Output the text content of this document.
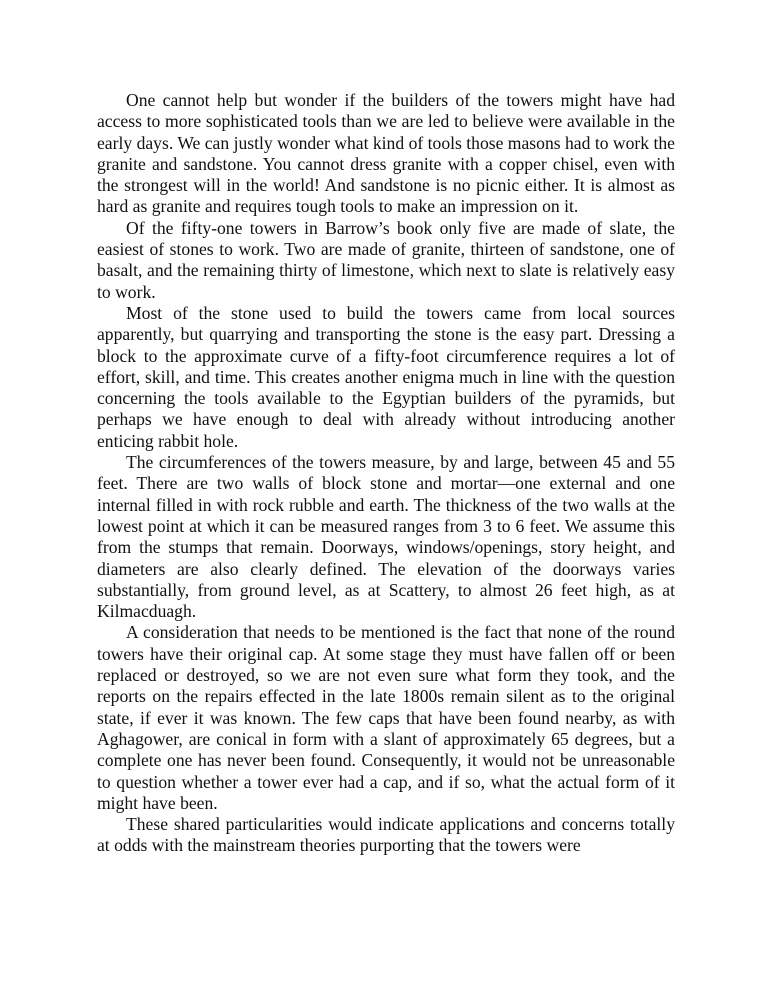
One cannot help but wonder if the builders of the towers might have had access to more sophisticated tools than we are led to believe were available in the early days. We can justly wonder what kind of tools those masons had to work the granite and sandstone. You cannot dress granite with a copper chisel, even with the strongest will in the world! And sandstone is no picnic either. It is almost as hard as granite and requires tough tools to make an impression on it.

Of the fifty-one towers in Barrow’s book only five are made of slate, the easiest of stones to work. Two are made of granite, thirteen of sandstone, one of basalt, and the remaining thirty of limestone, which next to slate is relatively easy to work.

Most of the stone used to build the towers came from local sources apparently, but quarrying and transporting the stone is the easy part. Dressing a block to the approximate curve of a fifty-foot circumference requires a lot of effort, skill, and time. This creates another enigma much in line with the question concerning the tools available to the Egyptian builders of the pyramids, but perhaps we have enough to deal with already without introducing another enticing rabbit hole.

The circumferences of the towers measure, by and large, between 45 and 55 feet. There are two walls of block stone and mortar—one external and one internal filled in with rock rubble and earth. The thickness of the two walls at the lowest point at which it can be measured ranges from 3 to 6 feet. We assume this from the stumps that remain. Doorways, windows/openings, story height, and diameters are also clearly defined. The elevation of the doorways varies substantially, from ground level, as at Scattery, to almost 26 feet high, as at Kilmacduagh.

A consideration that needs to be mentioned is the fact that none of the round towers have their original cap. At some stage they must have fallen off or been replaced or destroyed, so we are not even sure what form they took, and the reports on the repairs effected in the late 1800s remain silent as to the original state, if ever it was known. The few caps that have been found nearby, as with Aghagower, are conical in form with a slant of approximately 65 degrees, but a complete one has never been found. Consequently, it would not be unreasonable to question whether a tower ever had a cap, and if so, what the actual form of it might have been.

These shared particularities would indicate applications and concerns totally at odds with the mainstream theories purporting that the towers were
